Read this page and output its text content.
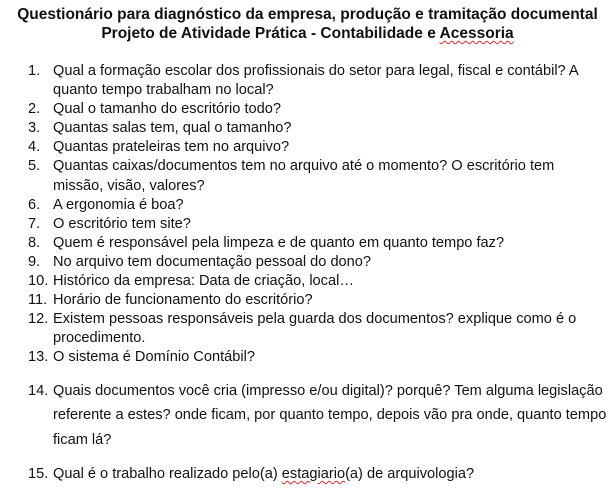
Questionário para diagnóstico da empresa, produção e tramitação documental

Projeto de Atividade Prática - Contabilidade e Acessoria

1. Qual a formação escolar dos profissionais do setor para legal, fiscal e contábil? A quanto tempo trabalham no local?
2. Qual o tamanho do escritório todo?
3. Quantas salas tem, qual o tamanho?
4. Quantas prateleiras tem no arquivo?
5. Quantas caixas/documentos tem no arquivo até o momento? O escritório tem missão, visão, valores?
6. A ergonomia é boa?
7. O escritório tem site?
8. Quem é responsável pela limpeza e de quanto em quanto tempo faz?
9. No arquivo tem documentação pessoal do dono?
10. Histórico da empresa: Data de criação, local…
11. Horário de funcionamento do escritório?
12. Existem pessoas responsáveis pela guarda dos documentos? explique como é o procedimento.
13. O sistema é Domínio Contábil?
14. Quais documentos você cria (impresso e/ou digital)? porquê? Tem alguma legislação referente a estes? onde ficam, por quanto tempo, depois vão pra onde, quanto tempo ficam lá?
15. Qual é o trabalho realizado pelo(a) estagiario(a) de arquivologia?
